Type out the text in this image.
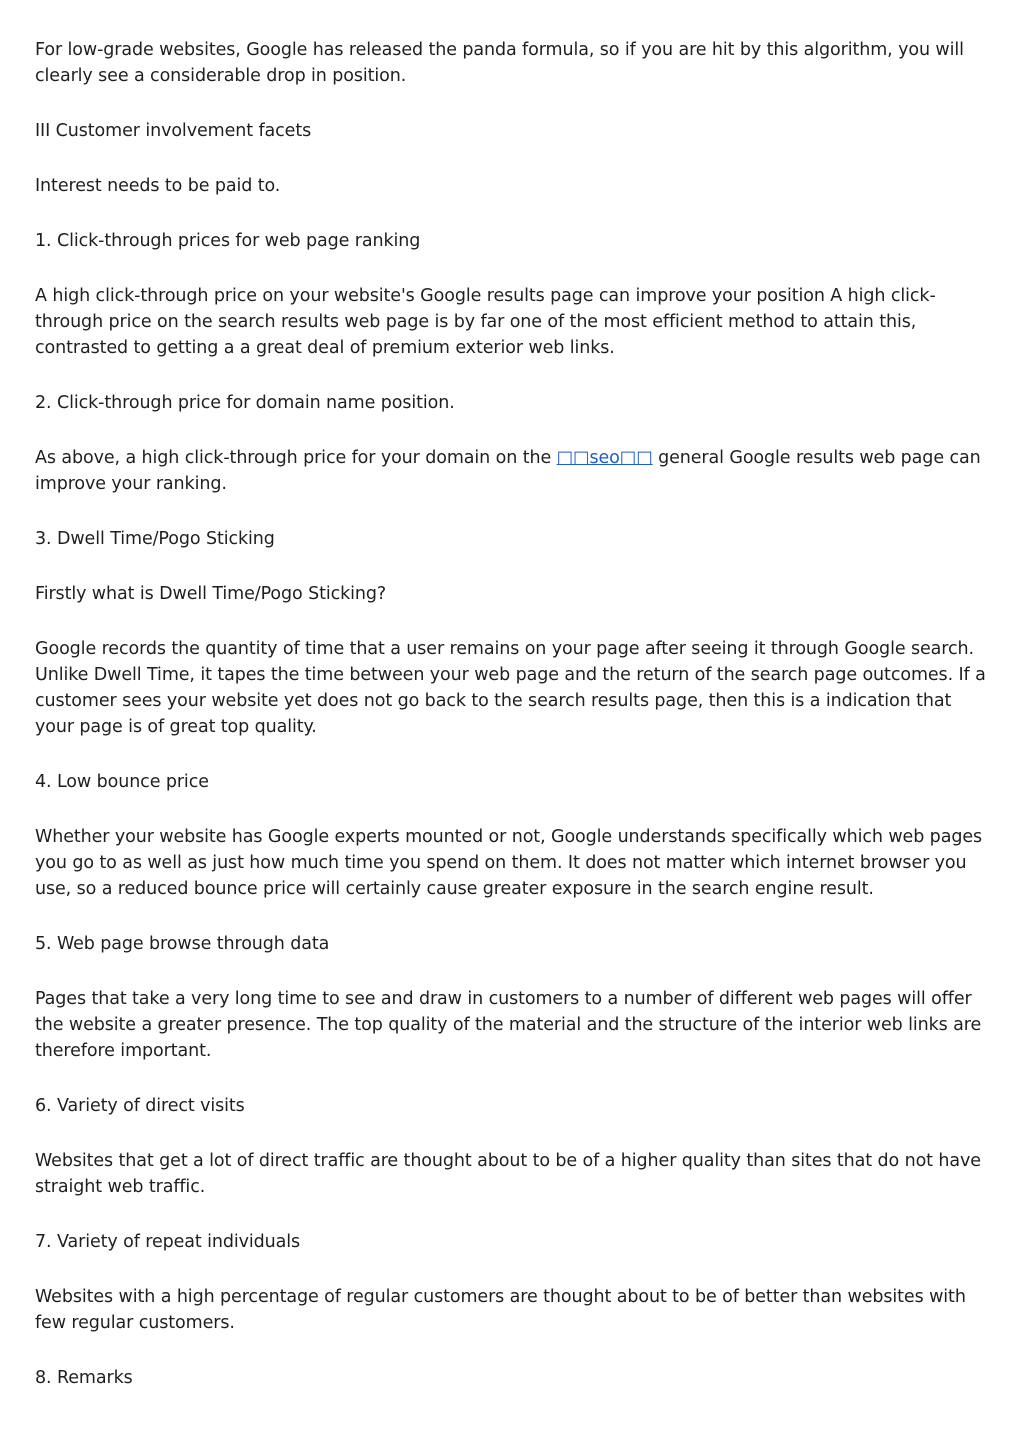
For low-grade websites, Google has released the panda formula, so if you are hit by this algorithm, you will clearly see a considerable drop in position.

III Customer involvement facets

Interest needs to be paid to.

1. Click-through prices for web page ranking

A high click-through price on your website's Google results page can improve your position A high click-through price on the search results web page is by far one of the most efficient method to attain this, contrasted to getting a a great deal of premium exterior web links.

2. Click-through price for domain name position.

As above, a high click-through price for your domain on the □□seo□□ general Google results web page can improve your ranking.

3. Dwell Time/Pogo Sticking

Firstly what is Dwell Time/Pogo Sticking?

Google records the quantity of time that a user remains on your page after seeing it through Google search. Unlike Dwell Time, it tapes the time between your web page and the return of the search page outcomes. If a customer sees your website yet does not go back to the search results page, then this is a indication that your page is of great top quality.

4. Low bounce price

Whether your website has Google experts mounted or not, Google understands specifically which web pages you go to as well as just how much time you spend on them. It does not matter which internet browser you use, so a reduced bounce price will certainly cause greater exposure in the search engine result.

5. Web page browse through data

Pages that take a very long time to see and draw in customers to a number of different web pages will offer the website a greater presence. The top quality of the material and the structure of the interior web links are therefore important.

6. Variety of direct visits

Websites that get a lot of direct traffic are thought about to be of a higher quality than sites that do not have straight web traffic.

7. Variety of repeat individuals

Websites with a high percentage of regular customers are thought about to be of better than websites with few regular customers.

8. Remarks
